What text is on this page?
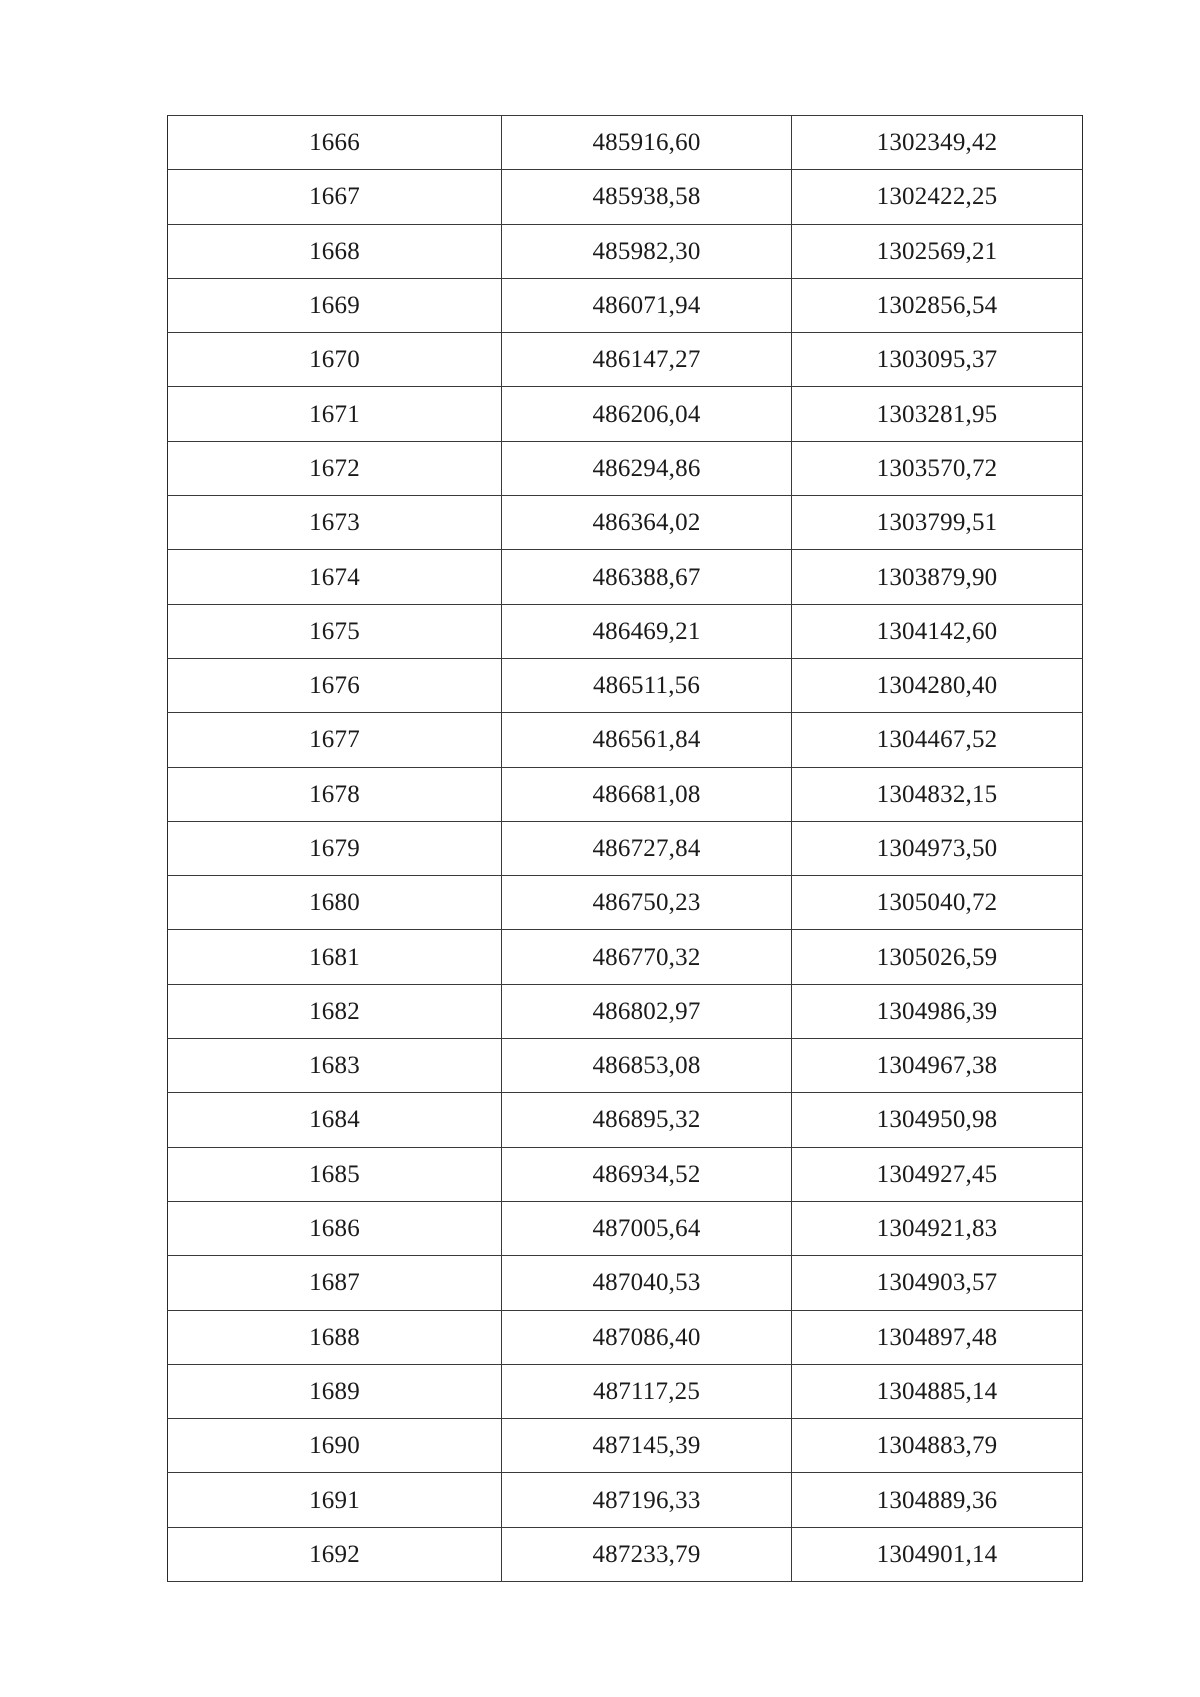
1666	485916,60	1302349,42
1667	485938,58	1302422,25
1668	485982,30	1302569,21
1669	486071,94	1302856,54
1670	486147,27	1303095,37
1671	486206,04	1303281,95
1672	486294,86	1303570,72
1673	486364,02	1303799,51
1674	486388,67	1303879,90
1675	486469,21	1304142,60
1676	486511,56	1304280,40
1677	486561,84	1304467,52
1678	486681,08	1304832,15
1679	486727,84	1304973,50
1680	486750,23	1305040,72
1681	486770,32	1305026,59
1682	486802,97	1304986,39
1683	486853,08	1304967,38
1684	486895,32	1304950,98
1685	486934,52	1304927,45
1686	487005,64	1304921,83
1687	487040,53	1304903,57
1688	487086,40	1304897,48
1689	487117,25	1304885,14
1690	487145,39	1304883,79
1691	487196,33	1304889,36
1692	487233,79	1304901,14
